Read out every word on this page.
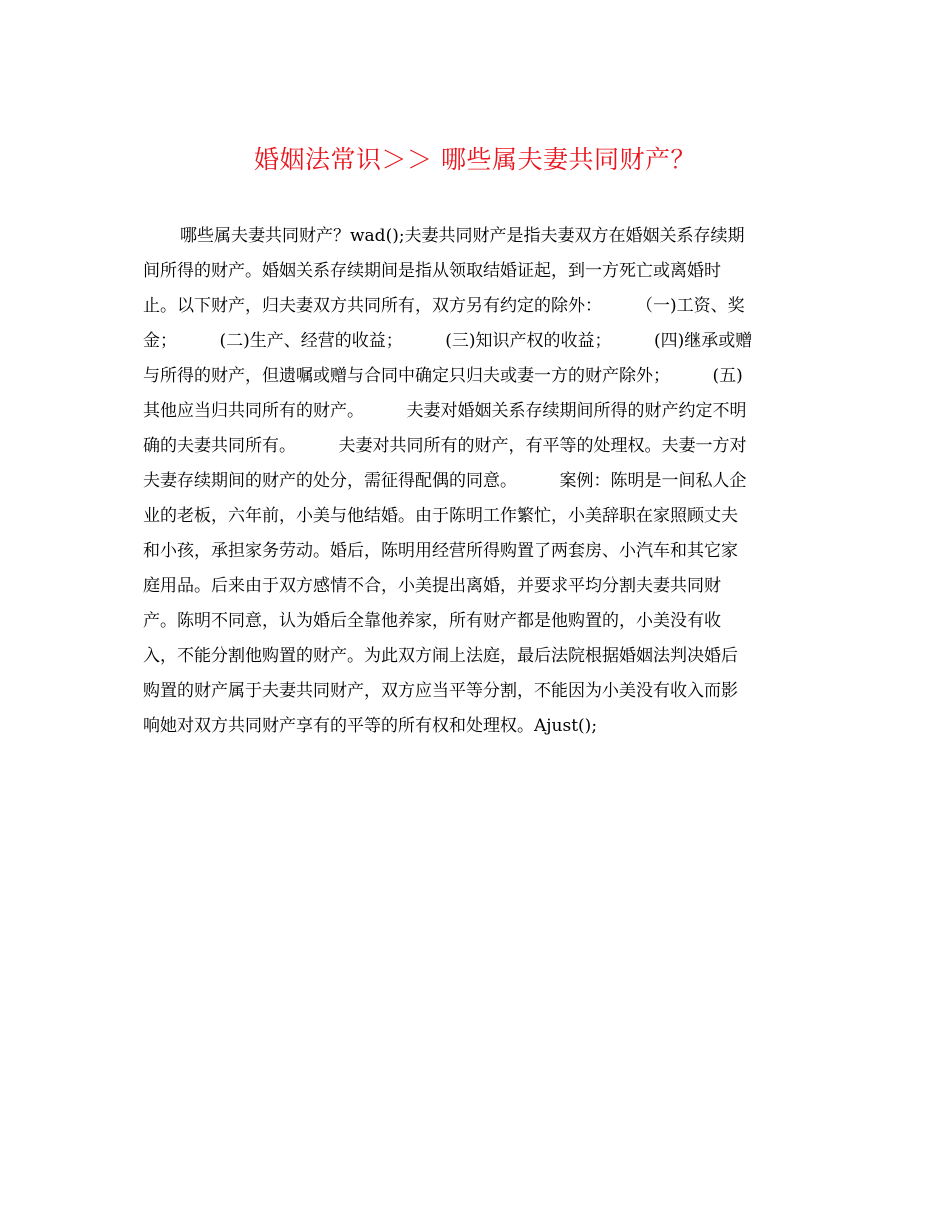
婚姻法常识＞＞ 哪些属夫妻共同财产？
哪些属夫妻共同财产？wad();夫妻共同财产是指夫妻双方在婚姻关系存续期
间所得的财产。婚姻关系存续期间是指从领取结婚证起，到一方死亡或离婚时
止。以下财产，归夫妻双方共同所有，双方另有约定的除外：　　　（一)工资、奖
金；　　　(二)生产、经营的收益；　　　(三)知识产权的收益；　　　(四)继承或赠
与所得的财产，但遗嘱或赠与合同中确定只归夫或妻一方的财产除外；　　　(五)
其他应当归共同所有的财产。　　　夫妻对婚姻关系存续期间所得的财产约定不明
确的夫妻共同所有。　　　夫妻对共同所有的财产，有平等的处理权。夫妻一方对
夫妻存续期间的财产的处分，需征得配偶的同意。　　　案例：陈明是一间私人企
业的老板，六年前，小美与他结婚。由于陈明工作繁忙，小美辞职在家照顾丈夫
和小孩，承担家务劳动。婚后，陈明用经营所得购置了两套房、小汽车和其它家
庭用品。后来由于双方感情不合，小美提出离婚，并要求平均分割夫妻共同财
产。陈明不同意，认为婚后全靠他养家，所有财产都是他购置的，小美没有收
入，不能分割他购置的财产。为此双方闹上法庭，最后法院根据婚姻法判决婚后
购置的财产属于夫妻共同财产，双方应当平等分割，不能因为小美没有收入而影
响她对双方共同财产享有的平等的所有权和处理权。Ajust();
